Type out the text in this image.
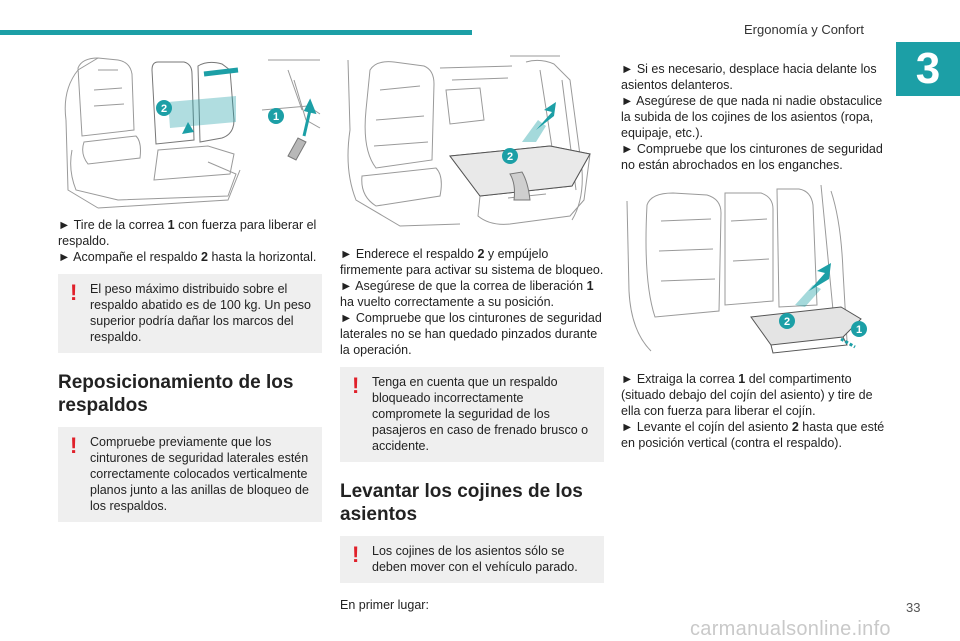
Ergonomía y Confort
3
2
1

► Tire de la correa 1 con fuerza para liberar el respaldo.

► Acompañe el respaldo 2 hasta la horizontal.

! El peso máximo distribuido sobre el respaldo abatido es de 100 kg. Un peso superior podría dañar los marcos del respaldo.

Reposicionamiento de los respaldos
! Compruebe previamente que los cinturones de seguridad laterales estén correctamente colocados verticalmente planos junto a las anillas de bloqueo de los respaldos.

2

► Enderece el respaldo 2 y empújelo firmemente para activar su sistema de bloqueo.

► Asegúrese de que la correa de liberación 1 ha vuelto correctamente a su posición.

► Compruebe que los cinturones de seguridad laterales no se han quedado pinzados durante la operación.

! Tenga en cuenta que un respaldo bloqueado incorrectamente compromete la seguridad de los pasajeros en caso de frenado brusco o accidente.

Levantar los cojines de los asientos
! Los cojines de los asientos sólo se deben mover con el vehículo parado.

En primer lugar:

► Si es necesario, desplace hacia delante los asientos delanteros.

► Asegúrese de que nada ni nadie obstaculice la subida de los cojines de los asientos (ropa, equipaje, etc.).

► Compruebe que los cinturones de seguridad no están abrochados en los enganches.

2
1

► Extraiga la correa 1 del compartimento (situado debajo del cojín del asiento) y tire de ella con fuerza para liberar el cojín.

► Levante el cojín del asiento 2 hasta que esté en posición vertical (contra el respaldo).

33
carmanualsonline.info
